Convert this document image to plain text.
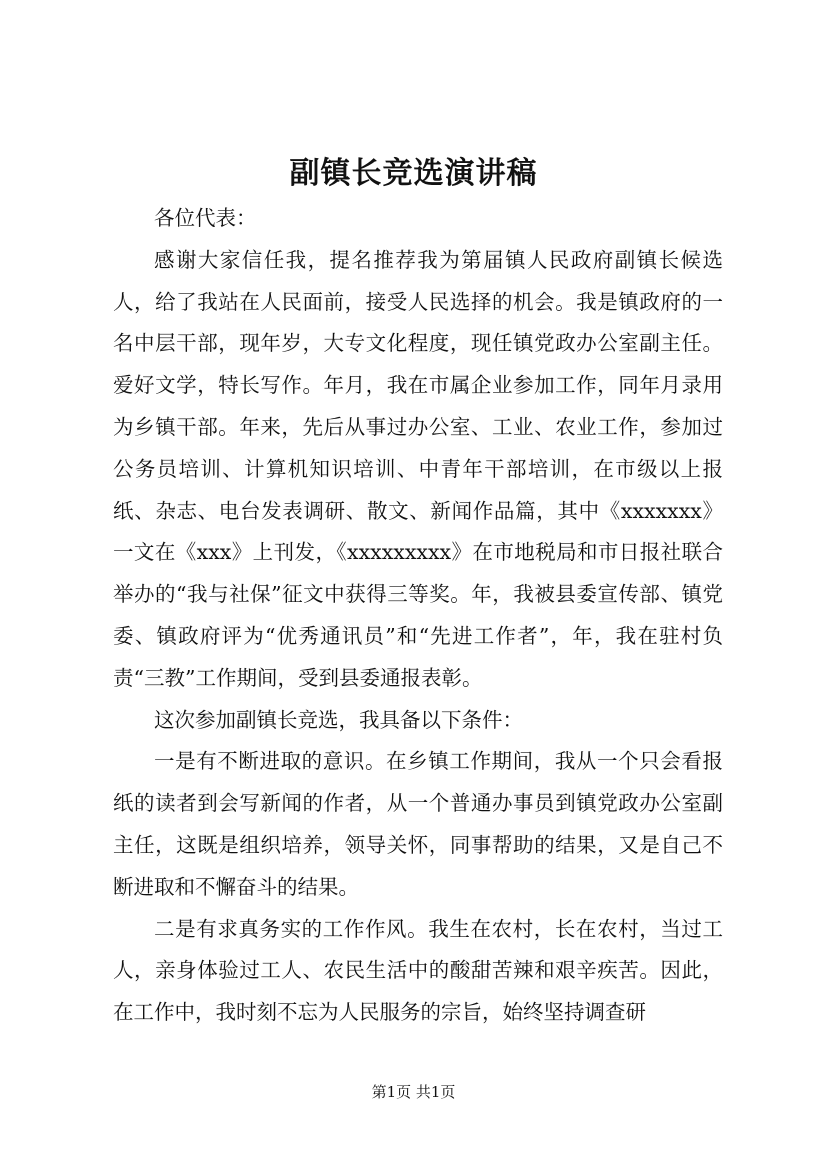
副镇长竞选演讲稿

各位代表：

感谢大家信任我，提名推荐我为第届镇人民政府副镇长候选人，给了我站在人民面前，接受人民选择的机会。我是镇政府的一名中层干部，现年岁，大专文化程度，现任镇党政办公室副主任。爱好文学，特长写作。年月，我在市属企业参加工作，同年月录用为乡镇干部。年来，先后从事过办公室、工业、农业工作，参加过公务员培训、计算机知识培训、中青年干部培训，在市级以上报纸、杂志、电台发表调研、散文、新闻作品篇，其中《xxxxxxx》一文在《xxx》上刊发，《xxxxxxxxx》在市地税局和市日报社联合举办的“我与社保”征文中获得三等奖。年，我被县委宣传部、镇党委、镇政府评为“优秀通讯员”和“先进工作者”，年，我在驻村负责“三教”工作期间，受到县委通报表彰。

这次参加副镇长竞选，我具备以下条件：

一是有不断进取的意识。在乡镇工作期间，我从一个只会看报纸的读者到会写新闻的作者，从一个普通办事员到镇党政办公室副主任，这既是组织培养，领导关怀，同事帮助的结果，又是自己不断进取和不懈奋斗的结果。

二是有求真务实的工作作风。我生在农村，长在农村，当过工人，亲身体验过工人、农民生活中的酸甜苦辣和艰辛疾苦。因此，在工作中，我时刻不忘为人民服务的宗旨，始终坚持调查研

第1页 共1页
